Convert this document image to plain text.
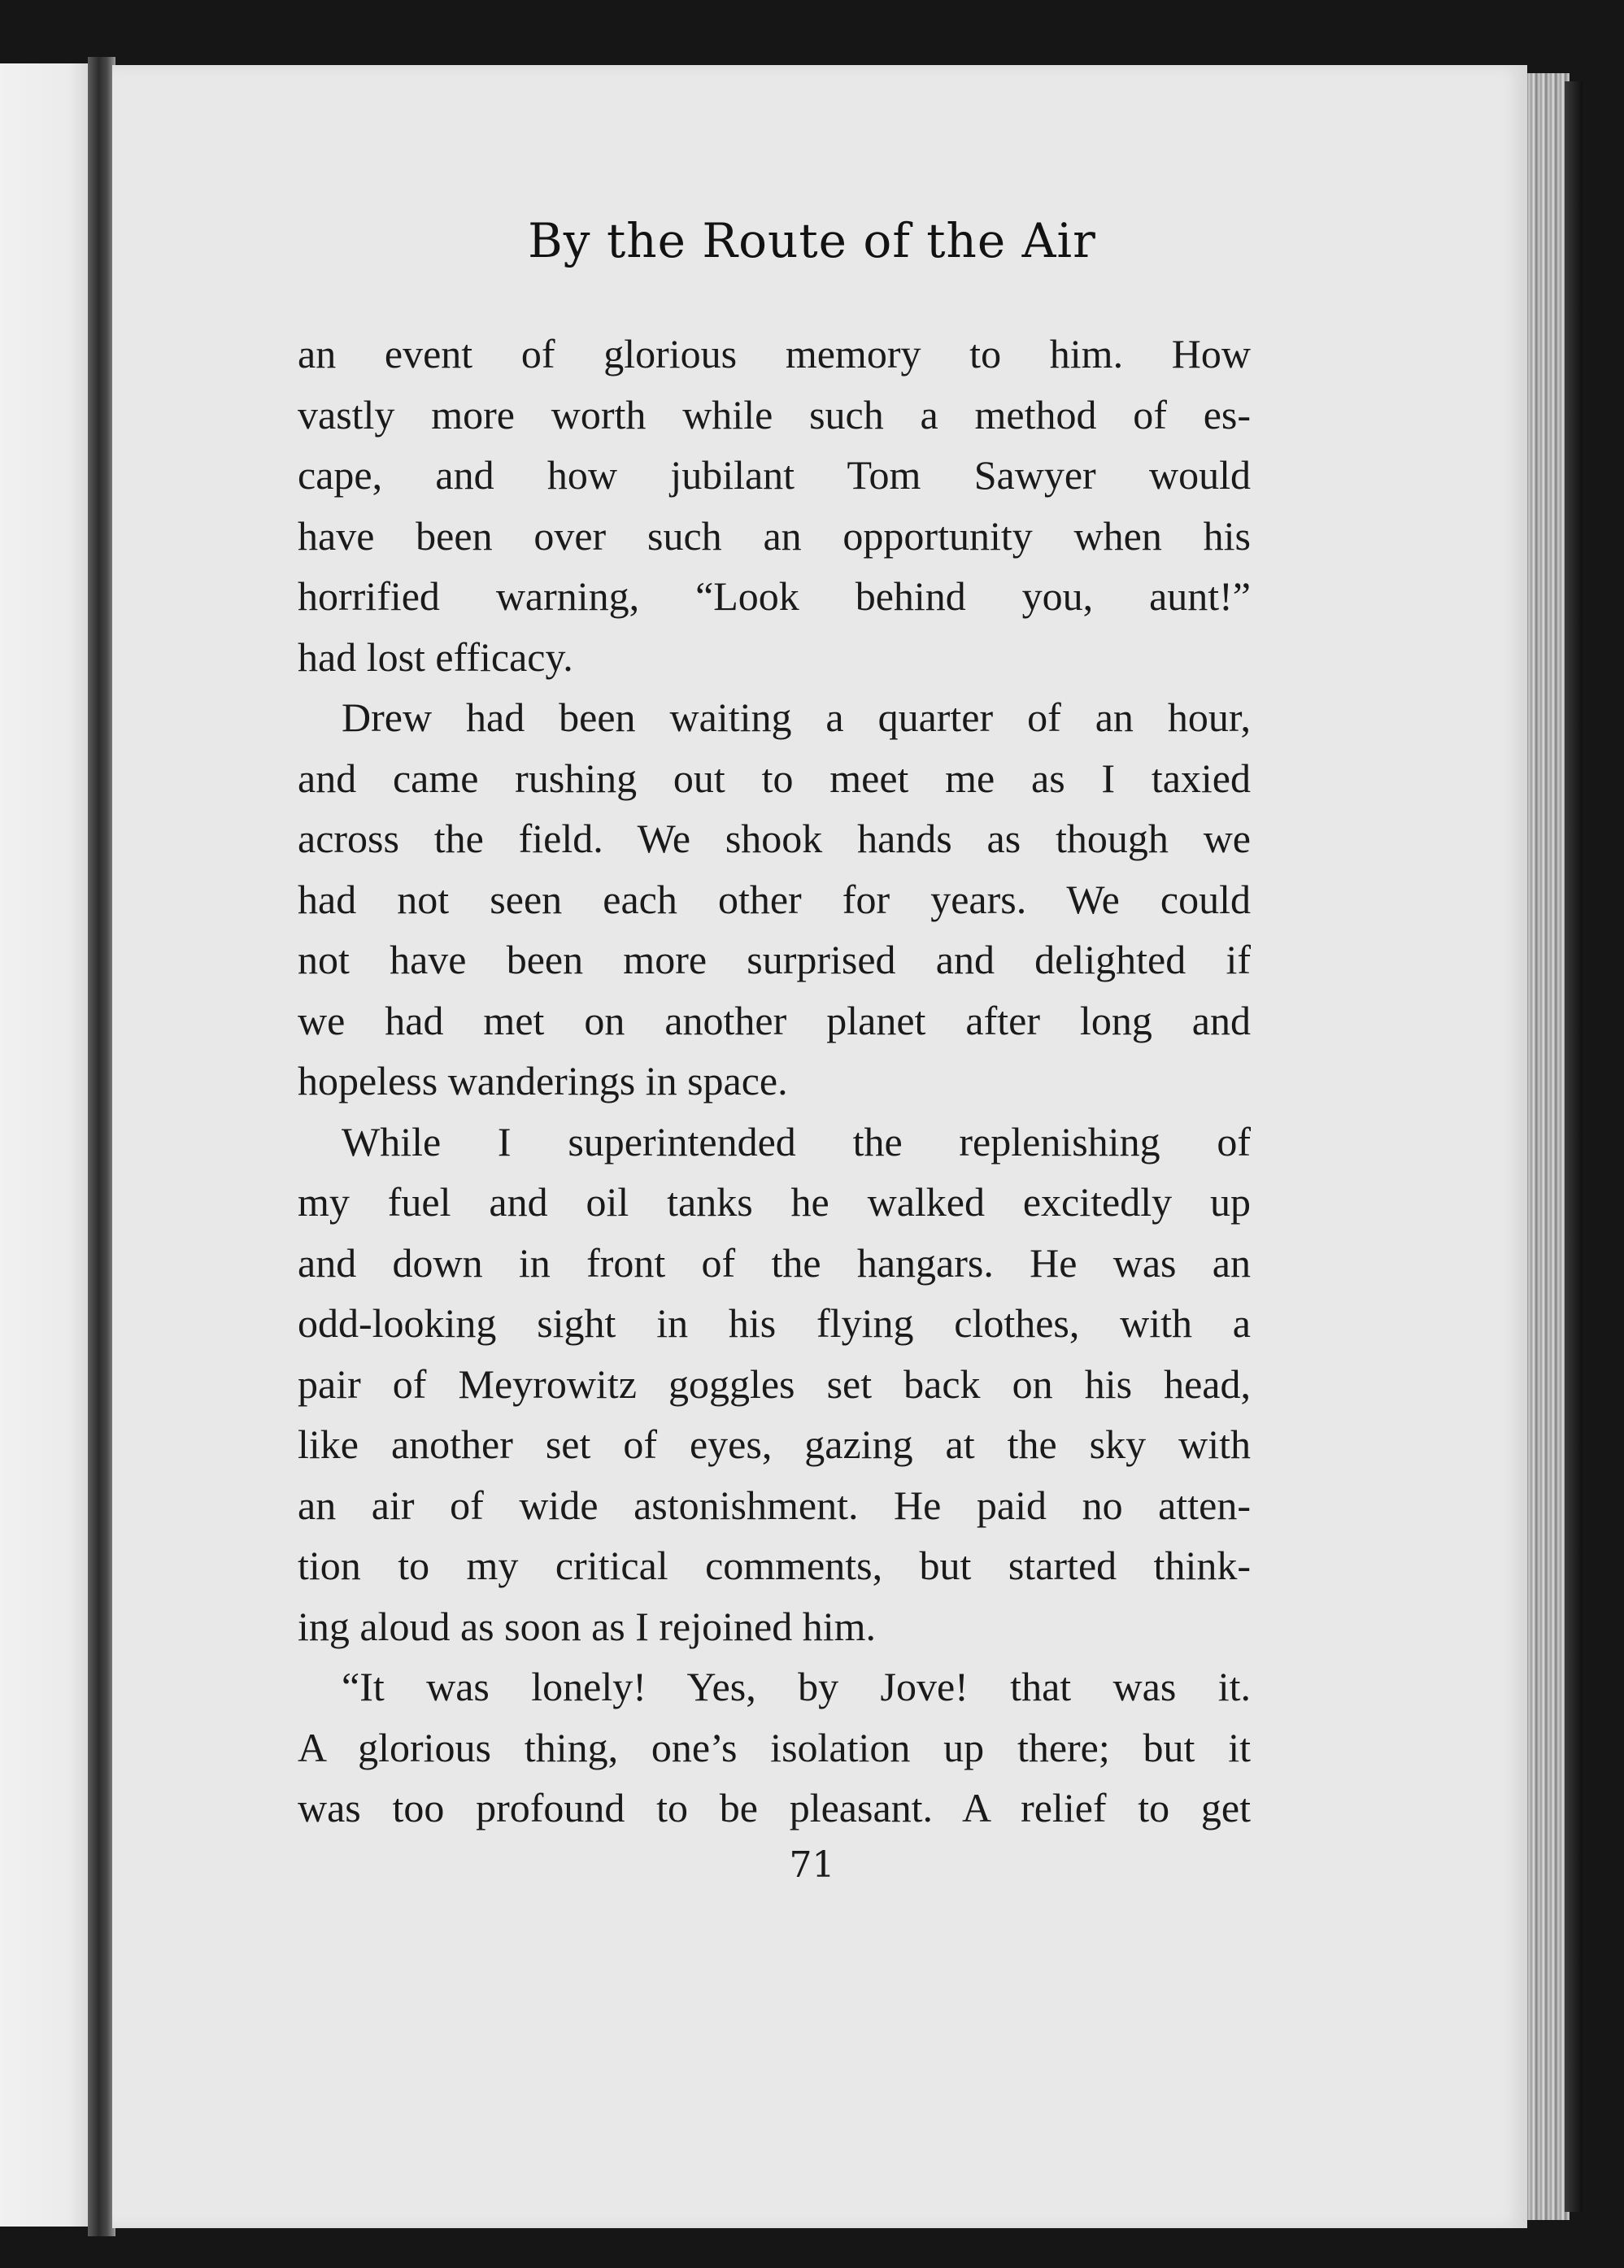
By the Route of the Air
an event of glorious memory to him. How
vastly more worth while such a method of es-
cape, and how jubilant Tom Sawyer would
have been over such an opportunity when his
horrified warning, “Look behind you, aunt!”
had lost efficacy.
Drew had been waiting a quarter of an hour,
and came rushing out to meet me as I taxied
across the field. We shook hands as though we
had not seen each other for years. We could
not have been more surprised and delighted if
we had met on another planet after long and
hopeless wanderings in space.
While I superintended the replenishing of
my fuel and oil tanks he walked excitedly up
and down in front of the hangars. He was an
odd-looking sight in his flying clothes, with a
pair of Meyrowitz goggles set back on his head,
like another set of eyes, gazing at the sky with
an air of wide astonishment. He paid no atten-
tion to my critical comments, but started think-
ing aloud as soon as I rejoined him.
“It was lonely! Yes, by Jove! that was it.
A glorious thing, one’s isolation up there; but it
was too profound to be pleasant. A relief to get
71
